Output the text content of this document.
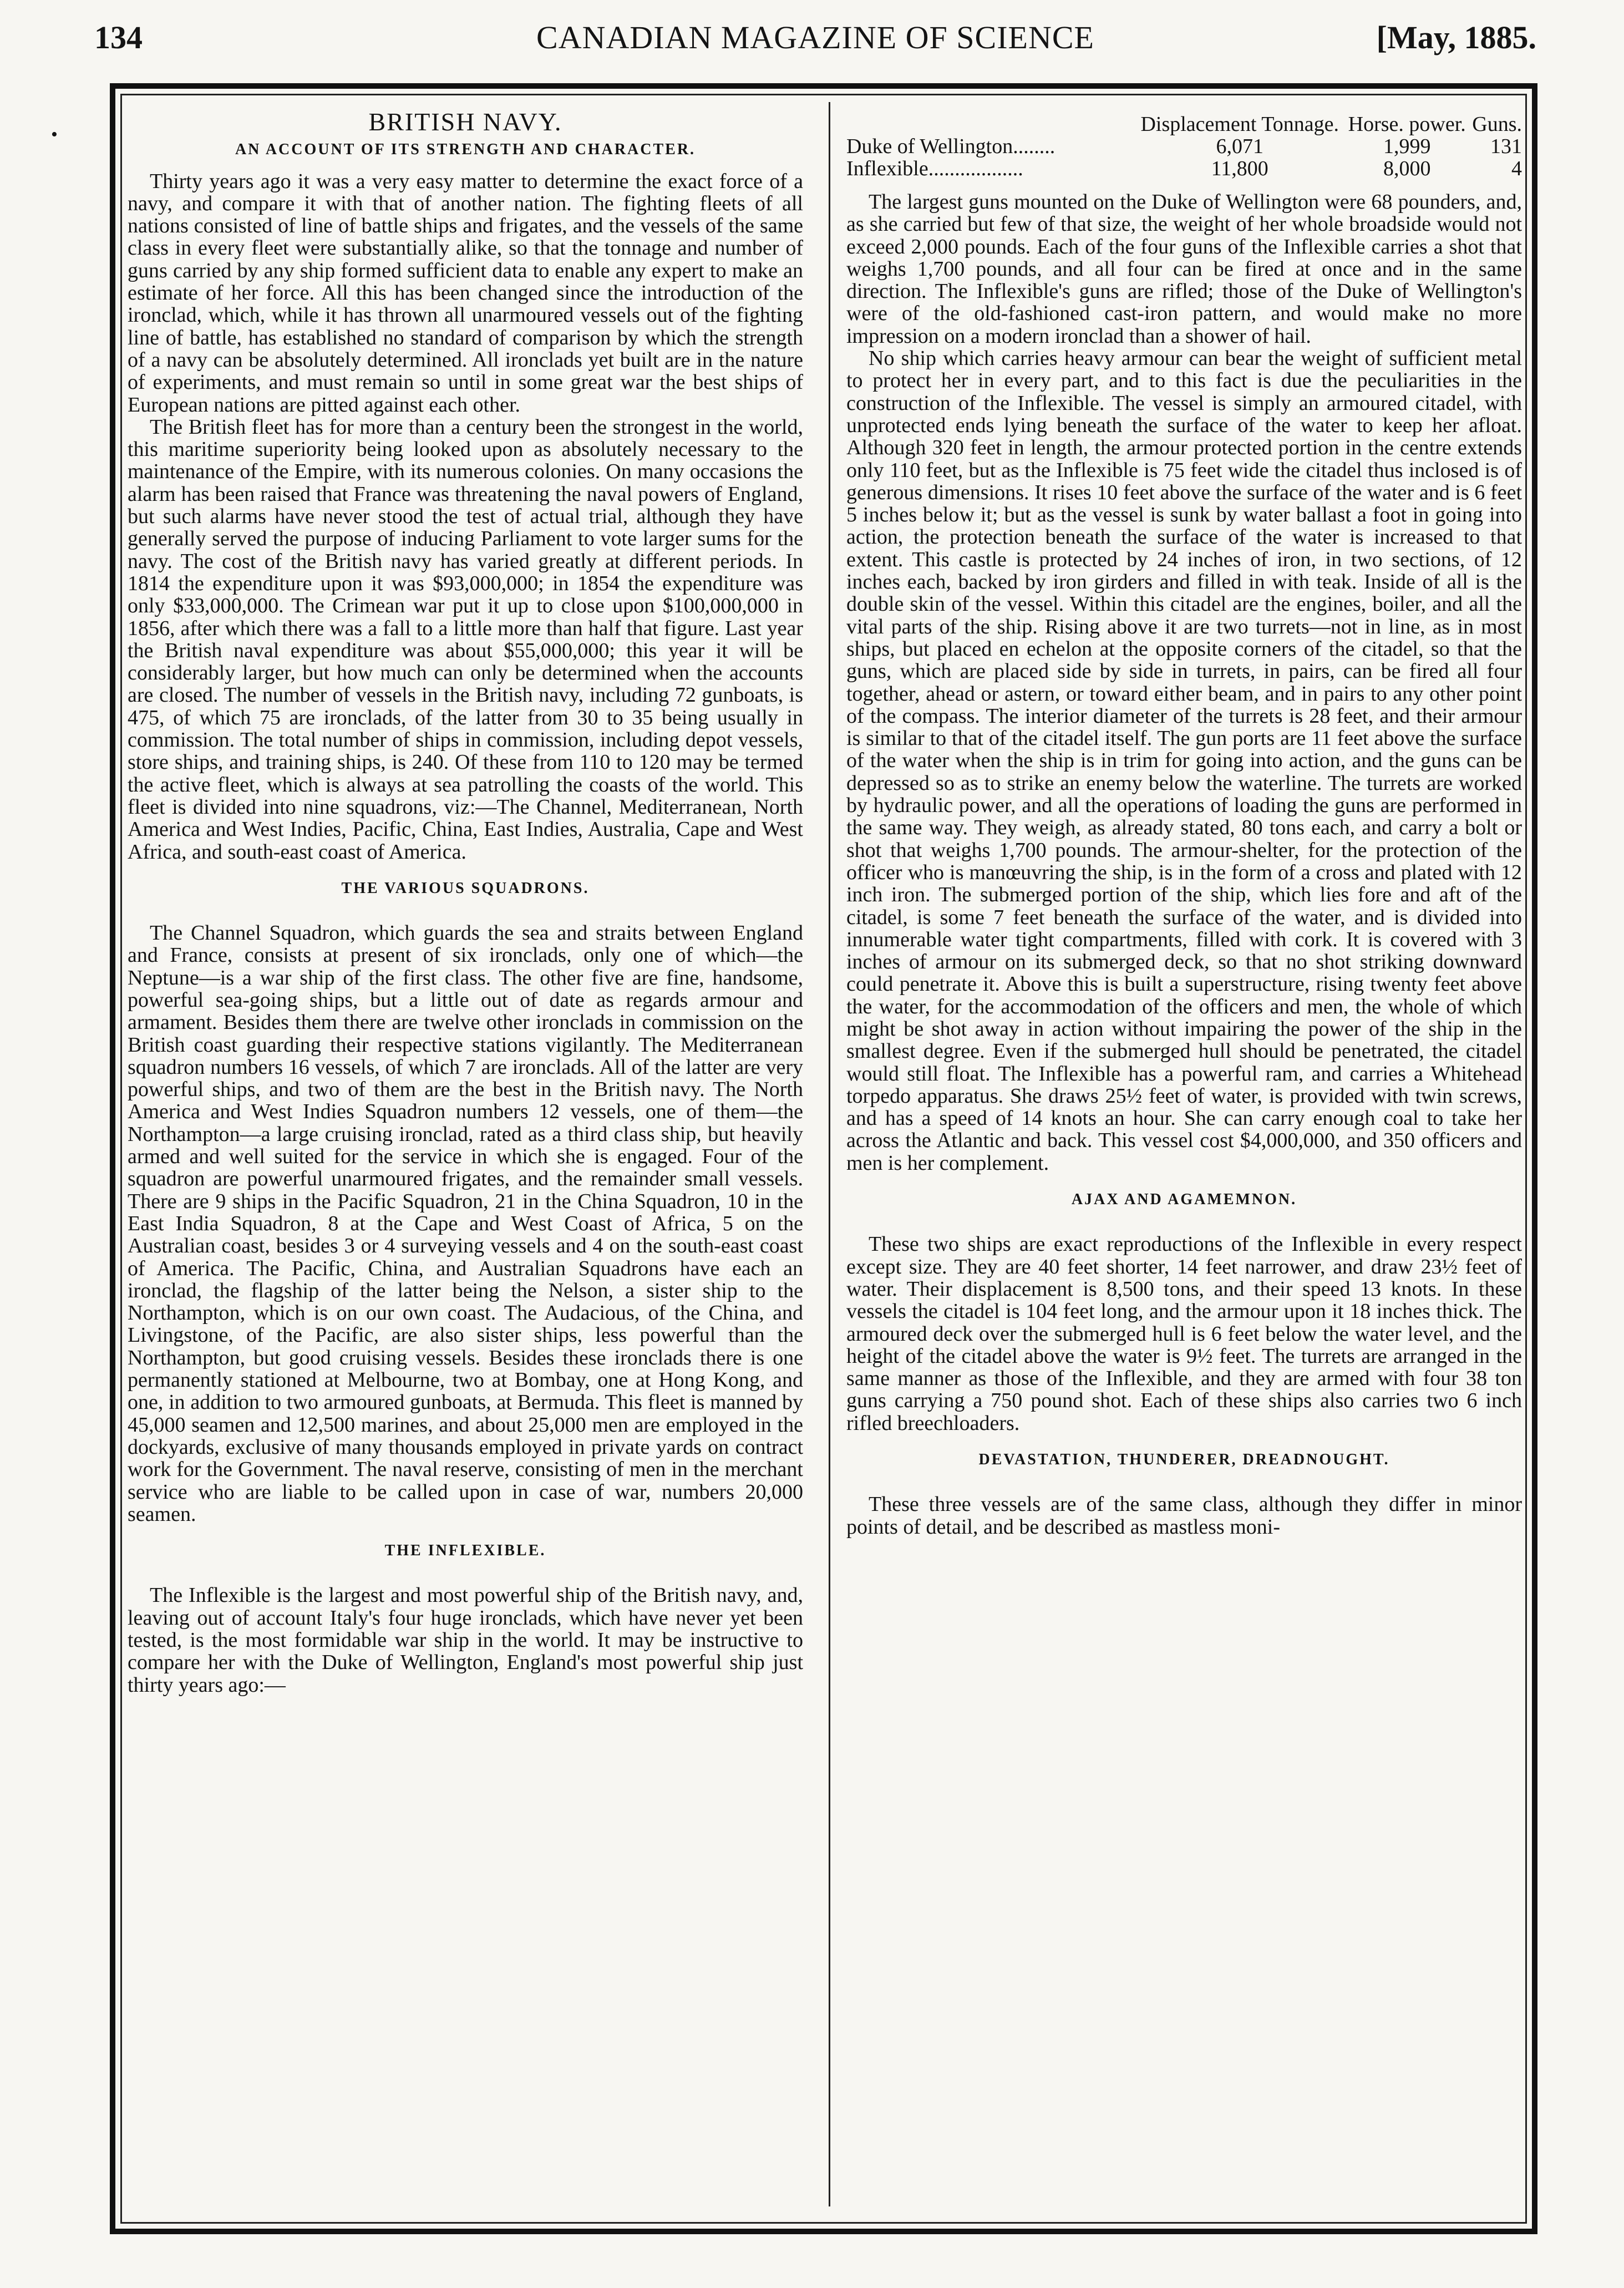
CANADIAN MAGAZINE OF SCIENCE
134	[May, 1885.
•	BRITISH NAVY.
AN ACCOUNT OF ITS STRENGTH AND CHARACTER.

Thirty years ago it was a very easy matter to determine the exact force of a navy, and compare it with that of another nation. The fighting fleets of all nations consisted of line of battle ships and frigates, and the vessels of the same class in every fleet were substantially alike, so that the tonnage and number of guns carried by any ship formed sufficient data to enable any expert to make an estimate of her force. All this has been changed since the introduction of the ironclad, which, while it has thrown all unarmoured vessels out of the fighting line of battle, has established no standard of comparison by which the strength of a navy can be absolutely determined. All ironclads yet built are in the nature of experiments, and must remain so until in some great war the best ships of European nations are pitted against each other.

The British fleet has for more than a century been the strongest in the world, this maritime superiority being looked upon as absolutely necessary to the maintenance of the Empire, with its numerous colonies. On many occasions the alarm has been raised that France was threatening the naval powers of England, but such alarms have never stood the test of actual trial, although they have generally served the purpose of inducing Parliament to vote larger sums for the navy. The cost of the British navy has varied greatly at different periods. In 1814 the expenditure upon it was $93,000,000; in 1854 the expenditure was only $33,000,000. The Crimean war put it up to close upon $100,000,000 in 1856, after which there was a fall to a little more than half that figure. Last year the British naval expenditure was about $55,000,000; this year it will be considerably larger, but how much can only be determined when the accounts are closed. The number of vessels in the British navy, including 72 gunboats, is 475, of which 75 are ironclads, of the latter from 30 to 35 being usually in commission. The total number of ships in commission, including depot vessels, store ships, and training ships, is 240. Of these from 110 to 120 may be termed the active fleet, which is always at sea patrolling the coasts of the world. This fleet is divided into nine squadrons, viz:—The Channel, Mediterranean, North America and West Indies, Pacific, China, East Indies, Australia, Cape and West Africa, and south-east coast of America.

THE VARIOUS SQUADRONS.

The Channel Squadron, which guards the sea and straits between England and France, consists at present of six ironclads, only one of which—the Neptune—is a war ship of the first class. The other five are fine, handsome, powerful sea-going ships, but a little out of date as regards armour and armament. Besides them there are twelve other ironclads in commission on the British coast guarding their respective stations vigilantly. The Mediterranean squadron numbers 16 vessels, of which 7 are ironclads. All of the latter are very powerful ships, and two of them are the best in the British navy. The North America and West Indies Squadron numbers 12 vessels, one of them—the Northampton—a large cruising ironclad, rated as a third class ship, but heavily armed and well suited for the service in which she is engaged. Four of the squadron are powerful unarmoured frigates, and the remainder small vessels. There are 9 ships in the Pacific Squadron, 21 in the China Squadron, 10 in the East India Squadron, 8 at the Cape and West Coast of Africa, 5 on the Australian coast, besides 3 or 4 surveying vessels and 4 on the south-east coast of America. The Pacific, China, and Australian Squadrons have each an ironclad, the flagship of the latter being the Nelson, a sister ship to the Northampton, which is on our own coast. The Audacious, of the China, and Livingstone, of the Pacific, are also sister ships, less powerful than the Northampton, but good cruising vessels. Besides these ironclads there is one permanently stationed at Melbourne, two at Bombay, one at Hong Kong, and one, in addition to two armoured gunboats, at Bermuda. This fleet is manned by 45,000 seamen and 12,500 marines, and about 25,000 men are employed in the dockyards, exclusive of many thousands employed in private yards on contract work for the Government. The naval reserve, consisting of men in the merchant service who are liable to be called upon in case of war, numbers 20,000 seamen.

THE INFLEXIBLE.

The Inflexible is the largest and most powerful ship of the British navy, and, leaving out of account Italy's four huge ironclads, which have never yet been tested, is the most formidable war ship in the world. It may be instructive to compare her with the Duke of Wellington, England's most powerful ship just thirty years ago:—

	Displacement Tonnage.	Horse. power.	Guns.
Duke of Wellington........	6,071	1,999	131
Inflexible..................	11,800	8,000	4

The largest guns mounted on the Duke of Wellington were 68 pounders, and, as she carried but few of that size, the weight of her whole broadside would not exceed 2,000 pounds. Each of the four guns of the Inflexible carries a shot that weighs 1,700 pounds, and all four can be fired at once and in the same direction. The Inflexible's guns are rifled; those of the Duke of Wellington's were of the old-fashioned cast-iron pattern, and would make no more impression on a modern ironclad than a shower of hail.

No ship which carries heavy armour can bear the weight of sufficient metal to protect her in every part, and to this fact is due the peculiarities in the construction of the Inflexible. The vessel is simply an armoured citadel, with unprotected ends lying beneath the surface of the water to keep her afloat. Although 320 feet in length, the armour protected portion in the centre extends only 110 feet, but as the Inflexible is 75 feet wide the citadel thus inclosed is of generous dimensions. It rises 10 feet above the surface of the water and is 6 feet 5 inches below it; but as the vessel is sunk by water ballast a foot in going into action, the protection beneath the surface of the water is increased to that extent. This castle is protected by 24 inches of iron, in two sections, of 12 inches each, backed by iron girders and filled in with teak. Inside of all is the double skin of the vessel. Within this citadel are the engines, boiler, and all the vital parts of the ship. Rising above it are two turrets—not in line, as in most ships, but placed en echelon at the opposite corners of the citadel, so that the guns, which are placed side by side in turrets, in pairs, can be fired all four together, ahead or astern, or toward either beam, and in pairs to any other point of the compass. The interior diameter of the turrets is 28 feet, and their armour is similar to that of the citadel itself. The gun ports are 11 feet above the surface of the water when the ship is in trim for going into action, and the guns can be depressed so as to strike an enemy below the waterline. The turrets are worked by hydraulic power, and all the operations of loading the guns are performed in the same way. They weigh, as already stated, 80 tons each, and carry a bolt or shot that weighs 1,700 pounds. The armour-shelter, for the protection of the officer who is manœuvring the ship, is in the form of a cross and plated with 12 inch iron. The submerged portion of the ship, which lies fore and aft of the citadel, is some 7 feet beneath the surface of the water, and is divided into innumerable water tight compartments, filled with cork. It is covered with 3 inches of armour on its submerged deck, so that no shot striking downward could penetrate it. Above this is built a superstructure, rising twenty feet above the water, for the accommodation of the officers and men, the whole of which might be shot away in action without impairing the power of the ship in the smallest degree. Even if the submerged hull should be penetrated, the citadel would still float. The Inflexible has a powerful ram, and carries a Whitehead torpedo apparatus. She draws 25½ feet of water, is provided with twin screws, and has a speed of 14 knots an hour. She can carry enough coal to take her across the Atlantic and back. This vessel cost $4,000,000, and 350 officers and men is her complement.

AJAX AND AGAMEMNON.

These two ships are exact reproductions of the Inflexible in every respect except size. They are 40 feet shorter, 14 feet narrower, and draw 23½ feet of water. Their displacement is 8,500 tons, and their speed 13 knots. In these vessels the citadel is 104 feet long, and the armour upon it 18 inches thick. The armoured deck over the submerged hull is 6 feet below the water level, and the height of the citadel above the water is 9½ feet. The turrets are arranged in the same manner as those of the Inflexible, and they are armed with four 38 ton guns carrying a 750 pound shot. Each of these ships also carries two 6 inch rifled breechloaders.

DEVASTATION, THUNDERER, DREADNOUGHT.

These three vessels are of the same class, although they differ in minor points of detail, and be described as mastless moni-
